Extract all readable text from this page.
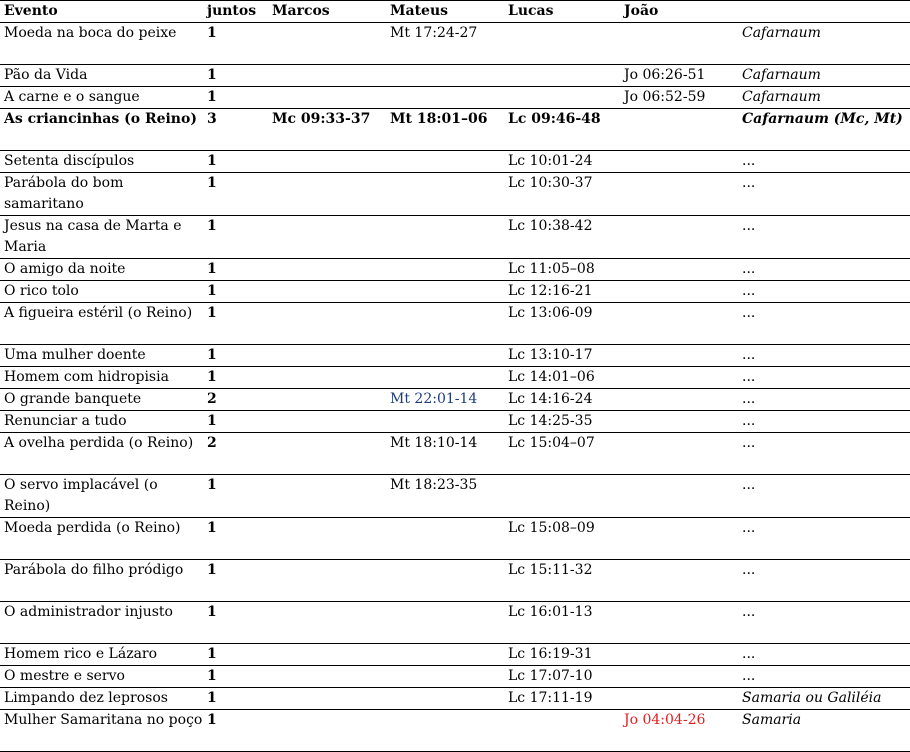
Evento	juntos	Marcos	Mateus	Lucas	João	
Moeda na boca do peixe	1		Mt 17:24-27			Cafarnaum
Pão da Vida	1				Jo 06:26-51	Cafarnaum
A carne e o sangue	1				Jo 06:52-59	Cafarnaum
As criancinhas (o Reino)	3	Mc 09:33-37	Mt 18:01–06	Lc 09:46-48		Cafarnaum (Mc, Mt)
Setenta discípulos	1			Lc 10:01-24		...
Parábola do bom samaritano	1			Lc 10:30-37		...
Jesus na casa de Marta e Maria	1			Lc 10:38-42		...
O amigo da noite	1			Lc 11:05–08		...
O rico tolo	1			Lc 12:16-21		...
A figueira estéril (o Reino)	1			Lc 13:06-09		...
Uma mulher doente	1			Lc 13:10-17		...
Homem com hidropisia	1			Lc 14:01–06		...
O grande banquete	2		Mt 22:01-14	Lc 14:16-24		...
Renunciar a tudo	1			Lc 14:25-35		...
A ovelha perdida (o Reino)	2		Mt 18:10-14	Lc 15:04–07		...
O servo implacável (o Reino)	1		Mt 18:23-35			...
Moeda perdida (o Reino)	1			Lc 15:08–09		...
Parábola do filho pródigo	1			Lc 15:11-32		...
O administrador injusto	1			Lc 16:01-13		...
Homem rico e Lázaro	1			Lc 16:19-31		...
O mestre e servo	1			Lc 17:07-10		...
Limpando dez leprosos	1			Lc 17:11-19		Samaria ou Galiléia
Mulher Samaritana no poço	1				Jo 04:04-26	Samaria
